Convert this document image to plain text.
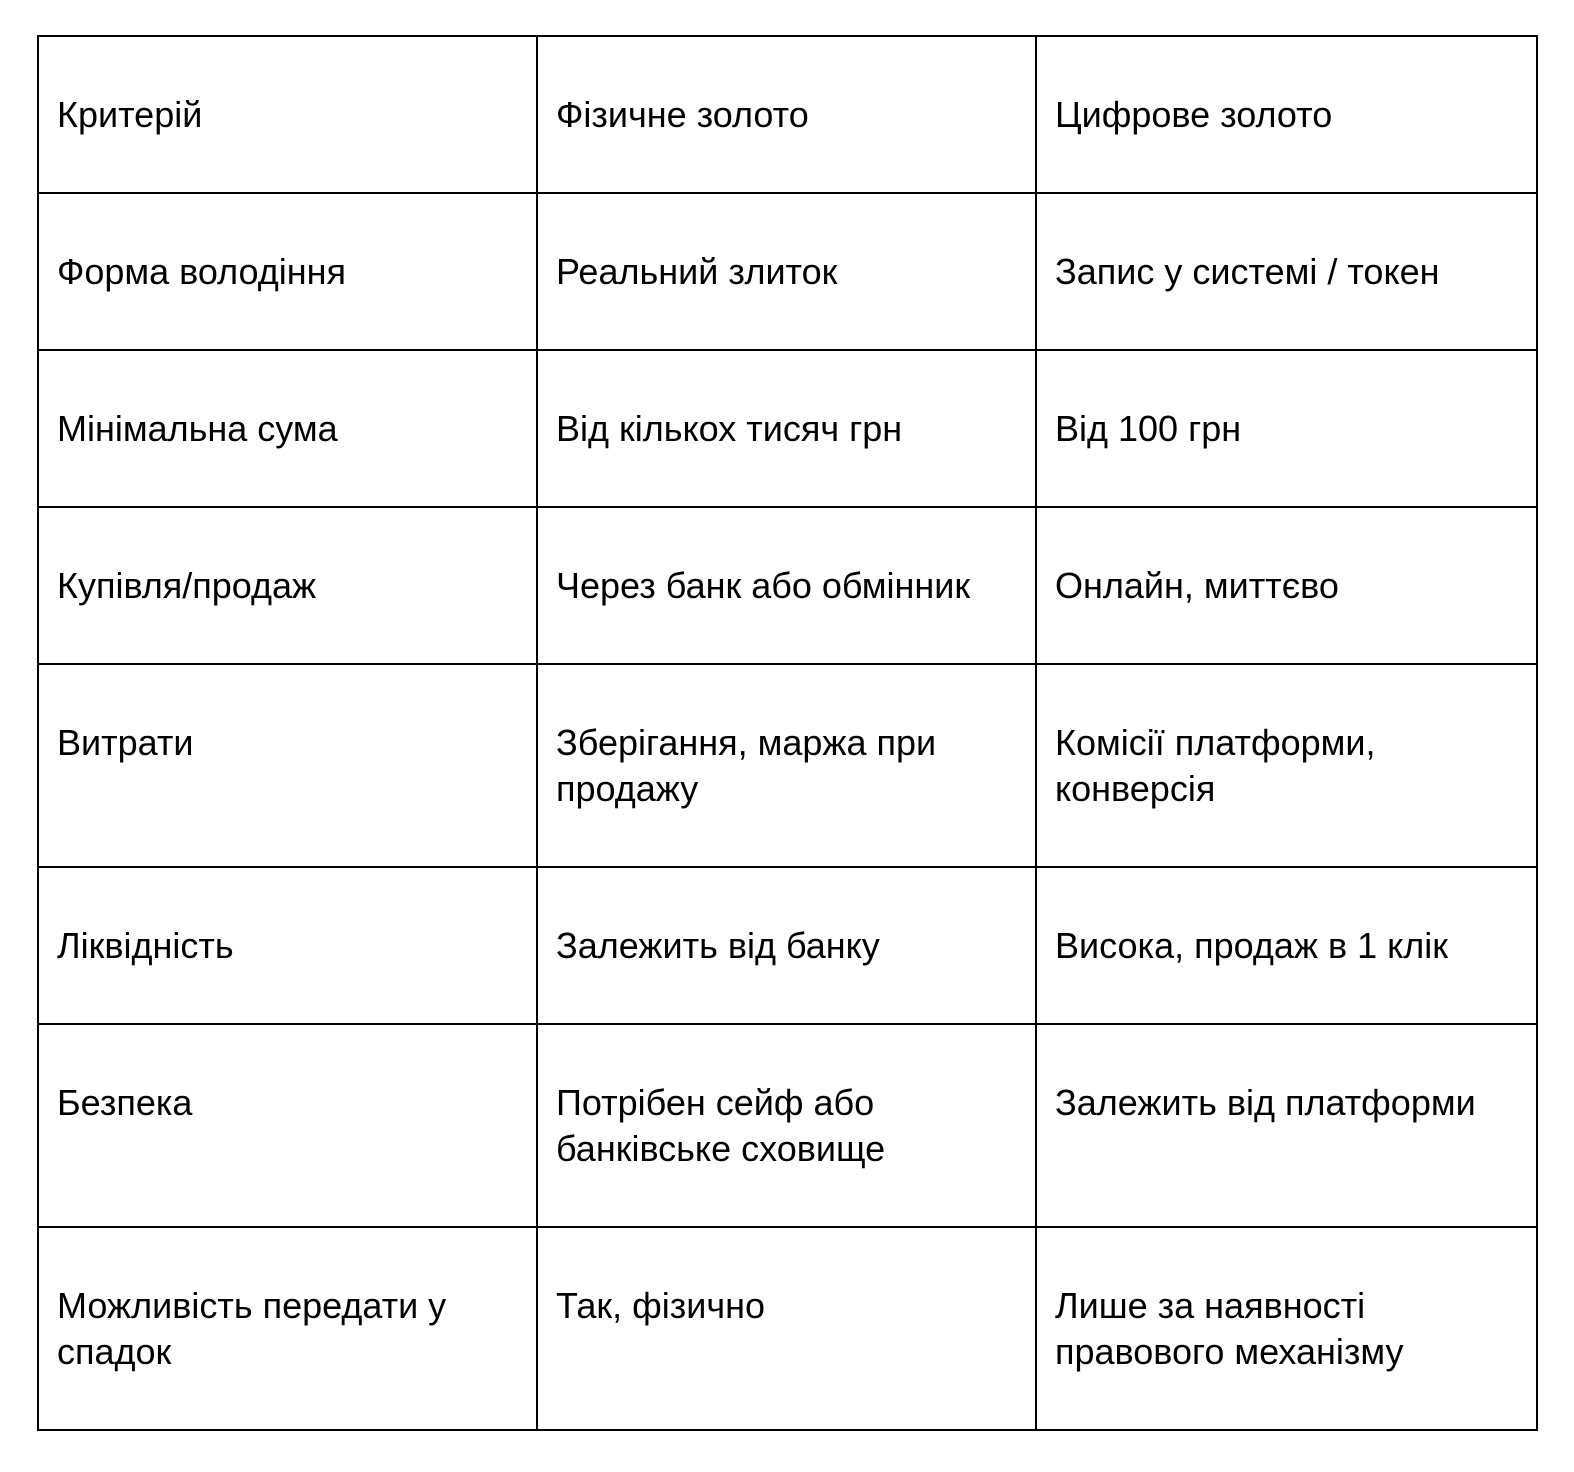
Критерій	Фізичне золото	Цифрове золото

Форма володіння	Реальний злиток	Запис у системі / токен

Мінімальна сума	Від кількох тисяч грн	Від 100 грн

Купівля/продаж	Через банк або обмінник	Онлайн, миттєво

Витрати	Зберігання, маржа при продажу	Комісії платформи, конверсія

Ліквідність	Залежить від банку	Висока, продаж в 1 клік

Безпека	Потрібен сейф або банківське сховище	Залежить від платформи

Можливість передати у спадок	Так, фізично	Лише за наявності правового механізму
